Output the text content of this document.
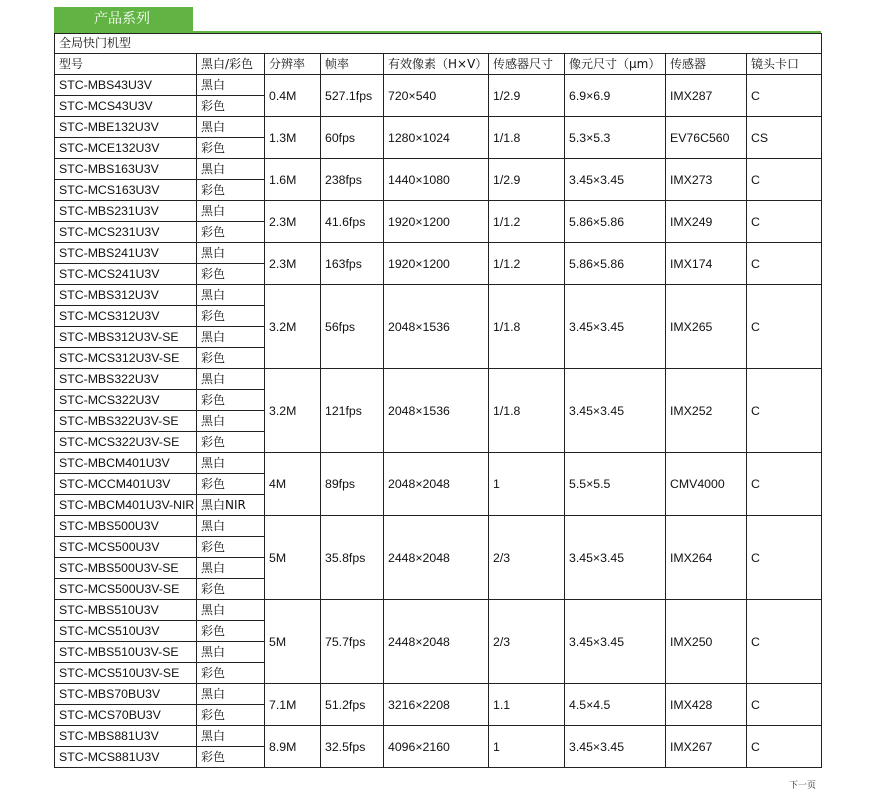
产品系列
全局快门机型								
型号	黑白/彩色	分辨率	帧率	有效像素（H×V）	传感器尺寸	像元尺寸（μm）	传感器	镜头卡口
STC-MBS43U3V	黑白	0.4M	527.1fps	720×540	1/2.9	6.9×6.9	IMX287	C
STC-MCS43U3V	彩色							
STC-MBE132U3V	黑白	1.3M	60fps	1280×1024	1/1.8	5.3×5.3	EV76C560	CS
STC-MCE132U3V	彩色							
STC-MBS163U3V	黑白	1.6M	238fps	1440×1080	1/2.9	3.45×3.45	IMX273	C
STC-MCS163U3V	彩色							
STC-MBS231U3V	黑白	2.3M	41.6fps	1920×1200	1/1.2	5.86×5.86	IMX249	C
STC-MCS231U3V	彩色							
STC-MBS241U3V	黑白	2.3M	163fps	1920×1200	1/1.2	5.86×5.86	IMX174	C
STC-MCS241U3V	彩色							
STC-MBS312U3V	黑白	3.2M	56fps	2048×1536	1/1.8	3.45×3.45	IMX265	C
STC-MCS312U3V	彩色							
STC-MBS312U3V-SE	黑白							
STC-MCS312U3V-SE	彩色							
STC-MBS322U3V	黑白	3.2M	121fps	2048×1536	1/1.8	3.45×3.45	IMX252	C
STC-MCS322U3V	彩色							
STC-MBS322U3V-SE	黑白							
STC-MCS322U3V-SE	彩色							
STC-MBCM401U3V	黑白	4M	89fps	2048×2048	1	5.5×5.5	CMV4000	C
STC-MCCM401U3V	彩色							
STC-MBCM401U3V-NIR	黑白NIR							
STC-MBS500U3V	黑白	5M	35.8fps	2448×2048	2/3	3.45×3.45	IMX264	C
STC-MCS500U3V	彩色							
STC-MBS500U3V-SE	黑白							
STC-MCS500U3V-SE	彩色							
STC-MBS510U3V	黑白	5M	75.7fps	2448×2048	2/3	3.45×3.45	IMX250	C
STC-MCS510U3V	彩色							
STC-MBS510U3V-SE	黑白							
STC-MCS510U3V-SE	彩色							
STC-MBS70BU3V	黑白	7.1M	51.2fps	3216×2208	1.1	4.5×4.5	IMX428	C
STC-MCS70BU3V	彩色							
STC-MBS881U3V	黑白	8.9M	32.5fps	4096×2160	1	3.45×3.45	IMX267	C
STC-MCS881U3V	彩色							
下一页
